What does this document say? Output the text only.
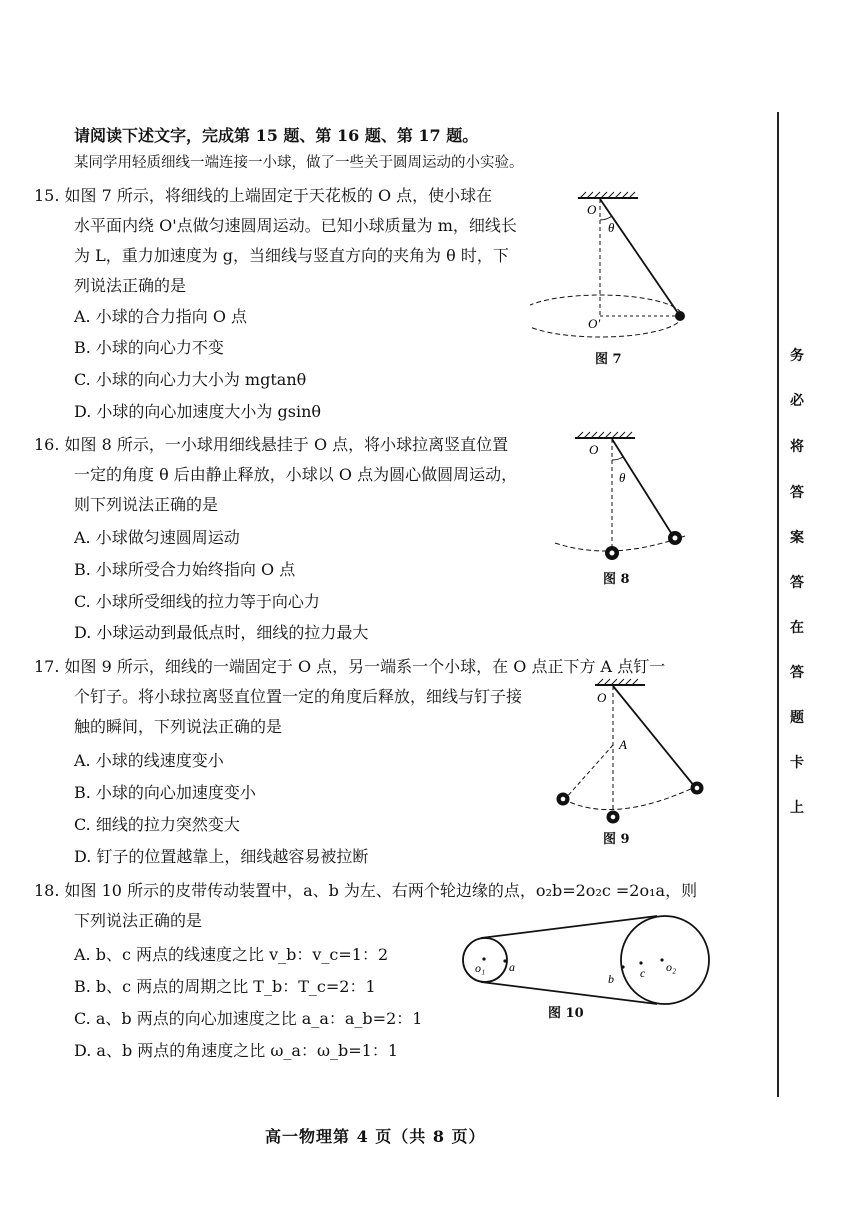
请阅读下述文字，完成第 15 题、第 16 题、第 17 题。
某同学用轻质细线一端连接一小球，做了一些关于圆周运动的小实验。
15. 如图 7 所示，将细线的上端固定于天花板的 O 点，使小球在
水平面内绕 O'点做匀速圆周运动。已知小球质量为 m，细线长
为 L，重力加速度为 g，当细线与竖直方向的夹角为 θ 时，下
列说法正确的是
A. 小球的合力指向 O 点
B. 小球的向心力不变
C. 小球的向心力大小为 mgtanθ
D. 小球的向心加速度大小为 gsinθ
O
θ
O'
图 7
16. 如图 8 所示，一小球用细线悬挂于 O 点，将小球拉离竖直位置
一定的角度 θ 后由静止释放，小球以 O 点为圆心做圆周运动，
则下列说法正确的是
A. 小球做匀速圆周运动
B. 小球所受合力始终指向 O 点
C. 小球所受细线的拉力等于向心力
D. 小球运动到最低点时，细线的拉力最大
O
θ
图 8
17. 如图 9 所示，细线的一端固定于 O 点，另一端系一个小球，在 O 点正下方 A 点钉一
个钉子。将小球拉离竖直位置一定的角度后释放，细线与钉子接
触的瞬间，下列说法正确的是
A. 小球的线速度变小
B. 小球的向心加速度变小
C. 细线的拉力突然变大
D. 钉子的位置越靠上，细线越容易被拉断
O
A
图 9
18. 如图 10 所示的皮带传动装置中，a、b 为左、右两个轮边缘的点，o₂b=2o₂c =2o₁a，则
下列说法正确的是
A. b、c 两点的线速度之比 v_b：v_c=1：2
B. b、c 两点的周期之比 T_b：T_c=2：1
C. a、b 两点的向心加速度之比 a_a：a_b=2：1
D. a、b 两点的角速度之比 ω_a：ω_b=1：1
o₁ a
b c o₂
图 10
务
必
将
答
案
答
在
答
题
卡
上
高一物理第 4 页（共 8 页）
